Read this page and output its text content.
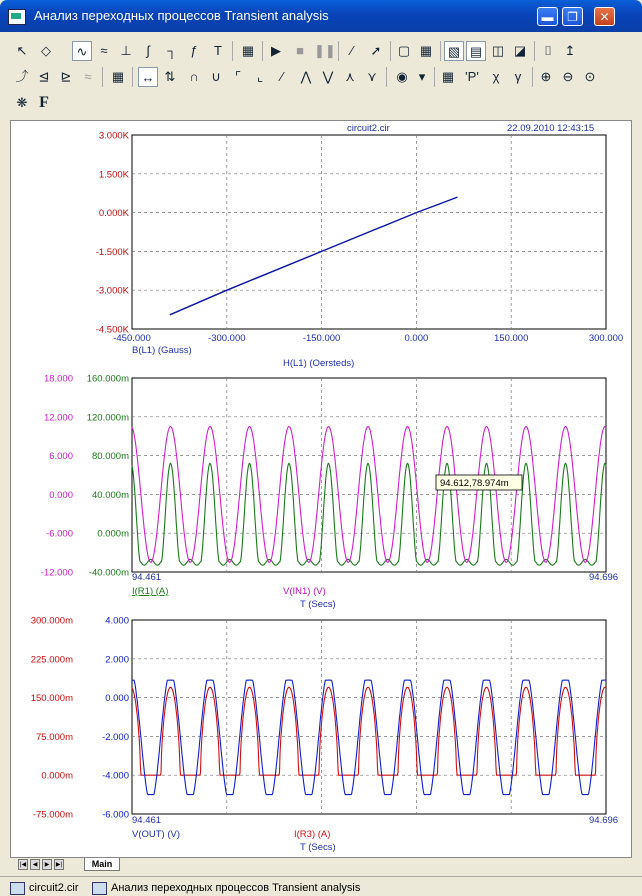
Анализ переходных процессов Transient analysis	▬	❐	✕
↖	◇	∿ ≈ ⊥	∫	┐	ƒ	T	▦	▶	■ ❚❚	∕	➚	▢ ▦ ▧ ▤ ◫ ◪	⌷ ↥
⤴ ⊴ ⊵ ≈	▦ ↔ ⇅	∩ ∪	⌜	⌞	∕	⋀ ⋁ ⋏ ⋎	◉ ▾	▦ 'P'	χ	γ	⊕ ⊖ ⊙
❋ F
circuit2.cir	22.09.2010 12:43:15
3.000K
1.500K
0.000K
-1.500K
-3.000K
-4.500K
-450.000	-300.000	-150.000	0.000	150.000	300.000
B(L1) (Gauss)
H(L1) (Oersteds)
18.000
12.000
6.000
0.000
-6.000
-12.000
160.000m
120.000m
80.000m
40.000m
0.000m
-40.000m 94.461	94.696
I(R1) (A)	V(IN1) (V)
T (Secs)
94.612,78.974m
300.000m
225.000m
150.000m
75.000m
0.000m
-75.000m
4.000
2.000
0.000
-2.000
-4.000
-6.000 94.461	94.696
V(OUT) (V)	I(R3) (A)
T (Secs)
|◀	◀	▶	▶|	Main
circuit2.cir	Анализ переходных процессов Transient analysis
